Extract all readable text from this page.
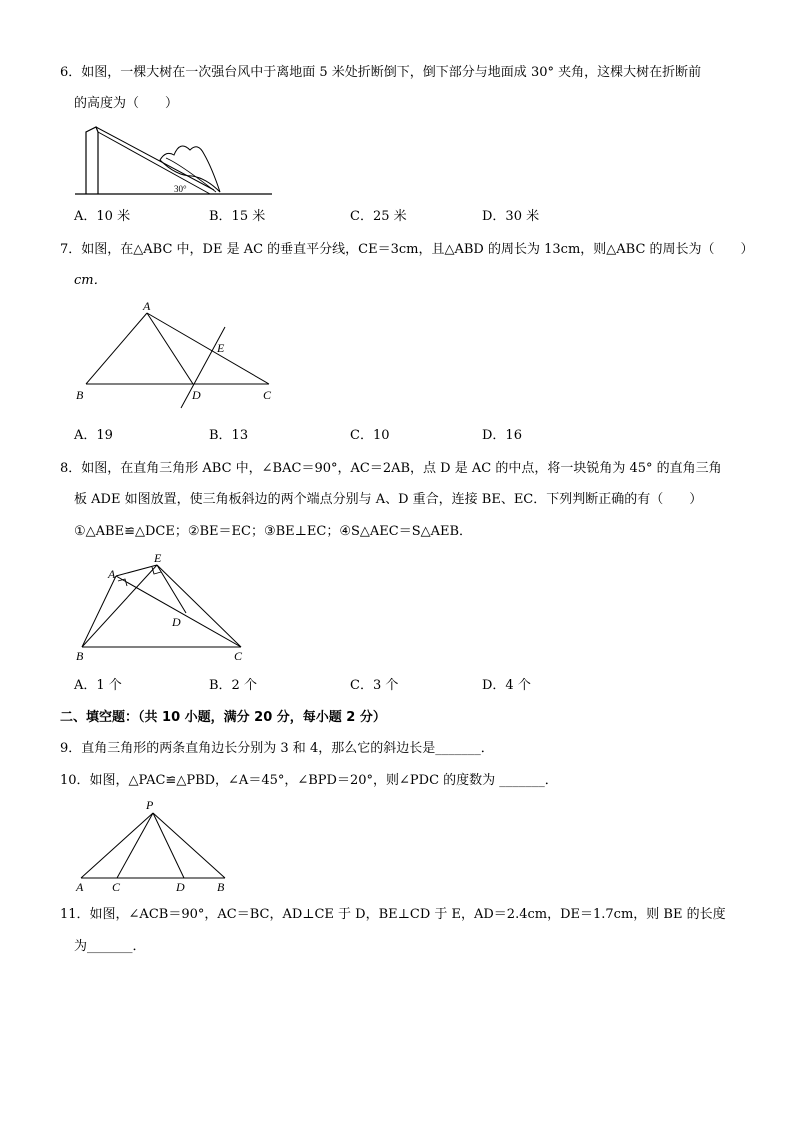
6．如图，一棵大树在一次强台风中于离地面 5 米处折断倒下，倒下部分与地面成 30° 夹角，这棵大树在折断前
的高度为（　　）
30°
A．10 米	B．15 米	C．25 米	D．30 米
7．如图，在△ABC 中，DE 是 AC 的垂直平分线，CE＝3cm，且△ABD 的周长为 13cm，则△ABC 的周长为（　　）
cm．
A
B	C
D
E
A．19	B．13	C．10	D．16
8．如图，在直角三角形 ABC 中，∠BAC＝90°，AC＝2AB，点 D 是 AC 的中点，将一块锐角为 45° 的直角三角
板 ADE 如图放置，使三角板斜边的两个端点分别与 A、D 重合，连接 BE、EC．下列判断正确的有（　　）
①△ABE≌△DCE；②BE＝EC；③BE⊥EC；④S△AEC＝S△AEB．
A
E
D
B	C
A．1 个	B．2 个	C．3 个	D．4 个
二、填空题：（共 10 小题，满分 20 分，每小题 2 分）
9．直角三角形的两条直角边长分别为 3 和 4，那么它的斜边长是_______．
10．如图，△PAC≌△PBD，∠A＝45°，∠BPD＝20°，则∠PDC 的度数为 _______．
P
A C	D	B
11．如图，∠ACB＝90°，AC＝BC，AD⊥CE 于 D，BE⊥CD 于 E，AD＝2.4cm，DE＝1.7cm，则 BE 的长度
为_______．
